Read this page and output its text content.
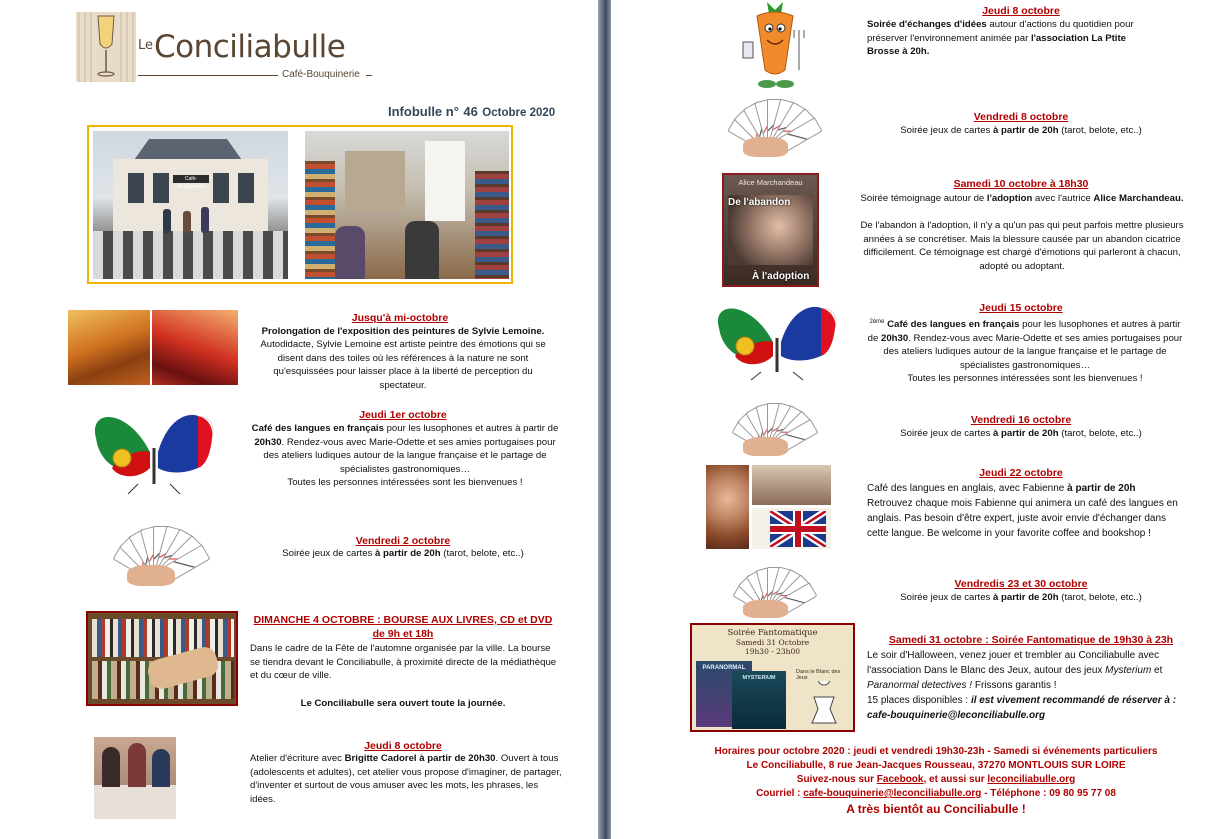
Le Conciliabulle
Café-Bouquinerie
Infobulle n° 46 Octobre 2020
Café-Bouquinerie
Jusqu'à mi-octobre
Prolongation de l'exposition des peintures de Sylvie Lemoine.
Autodidacte, Sylvie Lemoine est artiste peintre des émotions qui se disent dans des toiles où les références à la nature ne sont qu'esquissées pour laisser place à la liberté de perception du spectateur.
Jeudi 1er octobre
Café des langues en français pour les lusophones et autres à partir de 20h30. Rendez-vous avec Marie-Odette et ses amies portugaises pour des ateliers ludiques autour de la langue française et le partage de spécialistes gastronomiques…
Toutes les personnes intéressées sont les bienvenues !
Vendredi 2 octobre
Soirée jeux de cartes à partir de 20h (tarot, belote, etc..)
DIMANCHE 4 OCTOBRE : BOURSE AUX LIVRES, CD et DVD
de 9h et 18h
Dans le cadre de la Fête de l'automne organisée par la ville. La bourse se tiendra devant le Conciliabulle, à proximité directe de la médiathèque et du cœur de ville.
Le Conciliabulle sera ouvert toute la journée.
Jeudi 8 octobre
Atelier d'écriture avec Brigitte Cadorel à partir de 20h30. Ouvert à tous (adolescents et adultes), cet atelier vous propose d'imaginer, de partager, d'inventer et surtout de vous amuser avec les mots, les phrases, les idées.
Jeudi 8 octobre
Soirée d'échanges d'idées autour d'actions du quotidien pour préserver l'environnement animée par l'association La Ptite Brosse à 20h.
Vendredi 8 octobre
Soirée jeux de cartes à partir de 20h (tarot, belote, etc..)
Alice Marchandeau
De l'abandon
À l'adoption
Samedi 10 octobre à 18h30
Soirée témoignage autour de l'adoption avec l'autrice Alice Marchandeau.
De l'abandon à l'adoption, il n'y a qu'un pas qui peut parfois mettre plusieurs années à se concrétiser. Mais la blessure causée par un abandon cicatrice difficilement. Ce témoignage est chargé d'émotions qui parleront à chacun, adopté ou adoptant.
Jeudi 15 octobre
$^{2ème}$ Café des langues en français pour les lusophones et autres à partir de 20h30. Rendez-vous avec Marie-Odette et ses amies portugaises pour des ateliers ludiques autour de la langue française et le partage de spécialistes gastronomiques…
Toutes les personnes intéressées sont les bienvenues !
Vendredi 16 octobre
Soirée jeux de cartes à partir de 20h (tarot, belote, etc..)
Jeudi 22 octobre
Café des langues en anglais, avec Fabienne à partir de 20h
Retrouvez chaque mois Fabienne qui animera un café des langues en anglais. Pas besoin d'être expert, juste avoir envie d'échanger dans cette langue. Be welcome in your favorite coffee and bookshop !
Vendredis 23 et 30 octobre
Soirée jeux de cartes à partir de 20h (tarot, belote, etc..)
Soirée Fantomatique
Samedi 31 Octobre
19h30 - 23h00
PARANORMAL
MYSTERIUM
Dans le Blanc des Jeux
Samedi 31 octobre : Soirée Fantomatique de 19h30 à 23h
Le soir d'Halloween, venez jouer et trembler au Conciliabulle avec l'association Dans le Blanc des Jeux, autour des jeux Mysterium et Paranormal detectives ! Frissons garantis !
15 places disponibles : il est vivement recommandé de réserver à : cafe-bouquinerie@leconciliabulle.org
Horaires pour octobre 2020 : jeudi et vendredi 19h30-23h - Samedi si événements particuliers
Le Conciliabulle, 8 rue Jean-Jacques Rousseau, 37270 MONTLOUIS SUR LOIRE
Suivez-nous sur Facebook, et aussi sur leconciliabulle.org
Courriel : cafe-bouquinerie@leconciliabulle.org - Téléphone : 09 80 95 77 08
A très bientôt au Conciliabulle !
